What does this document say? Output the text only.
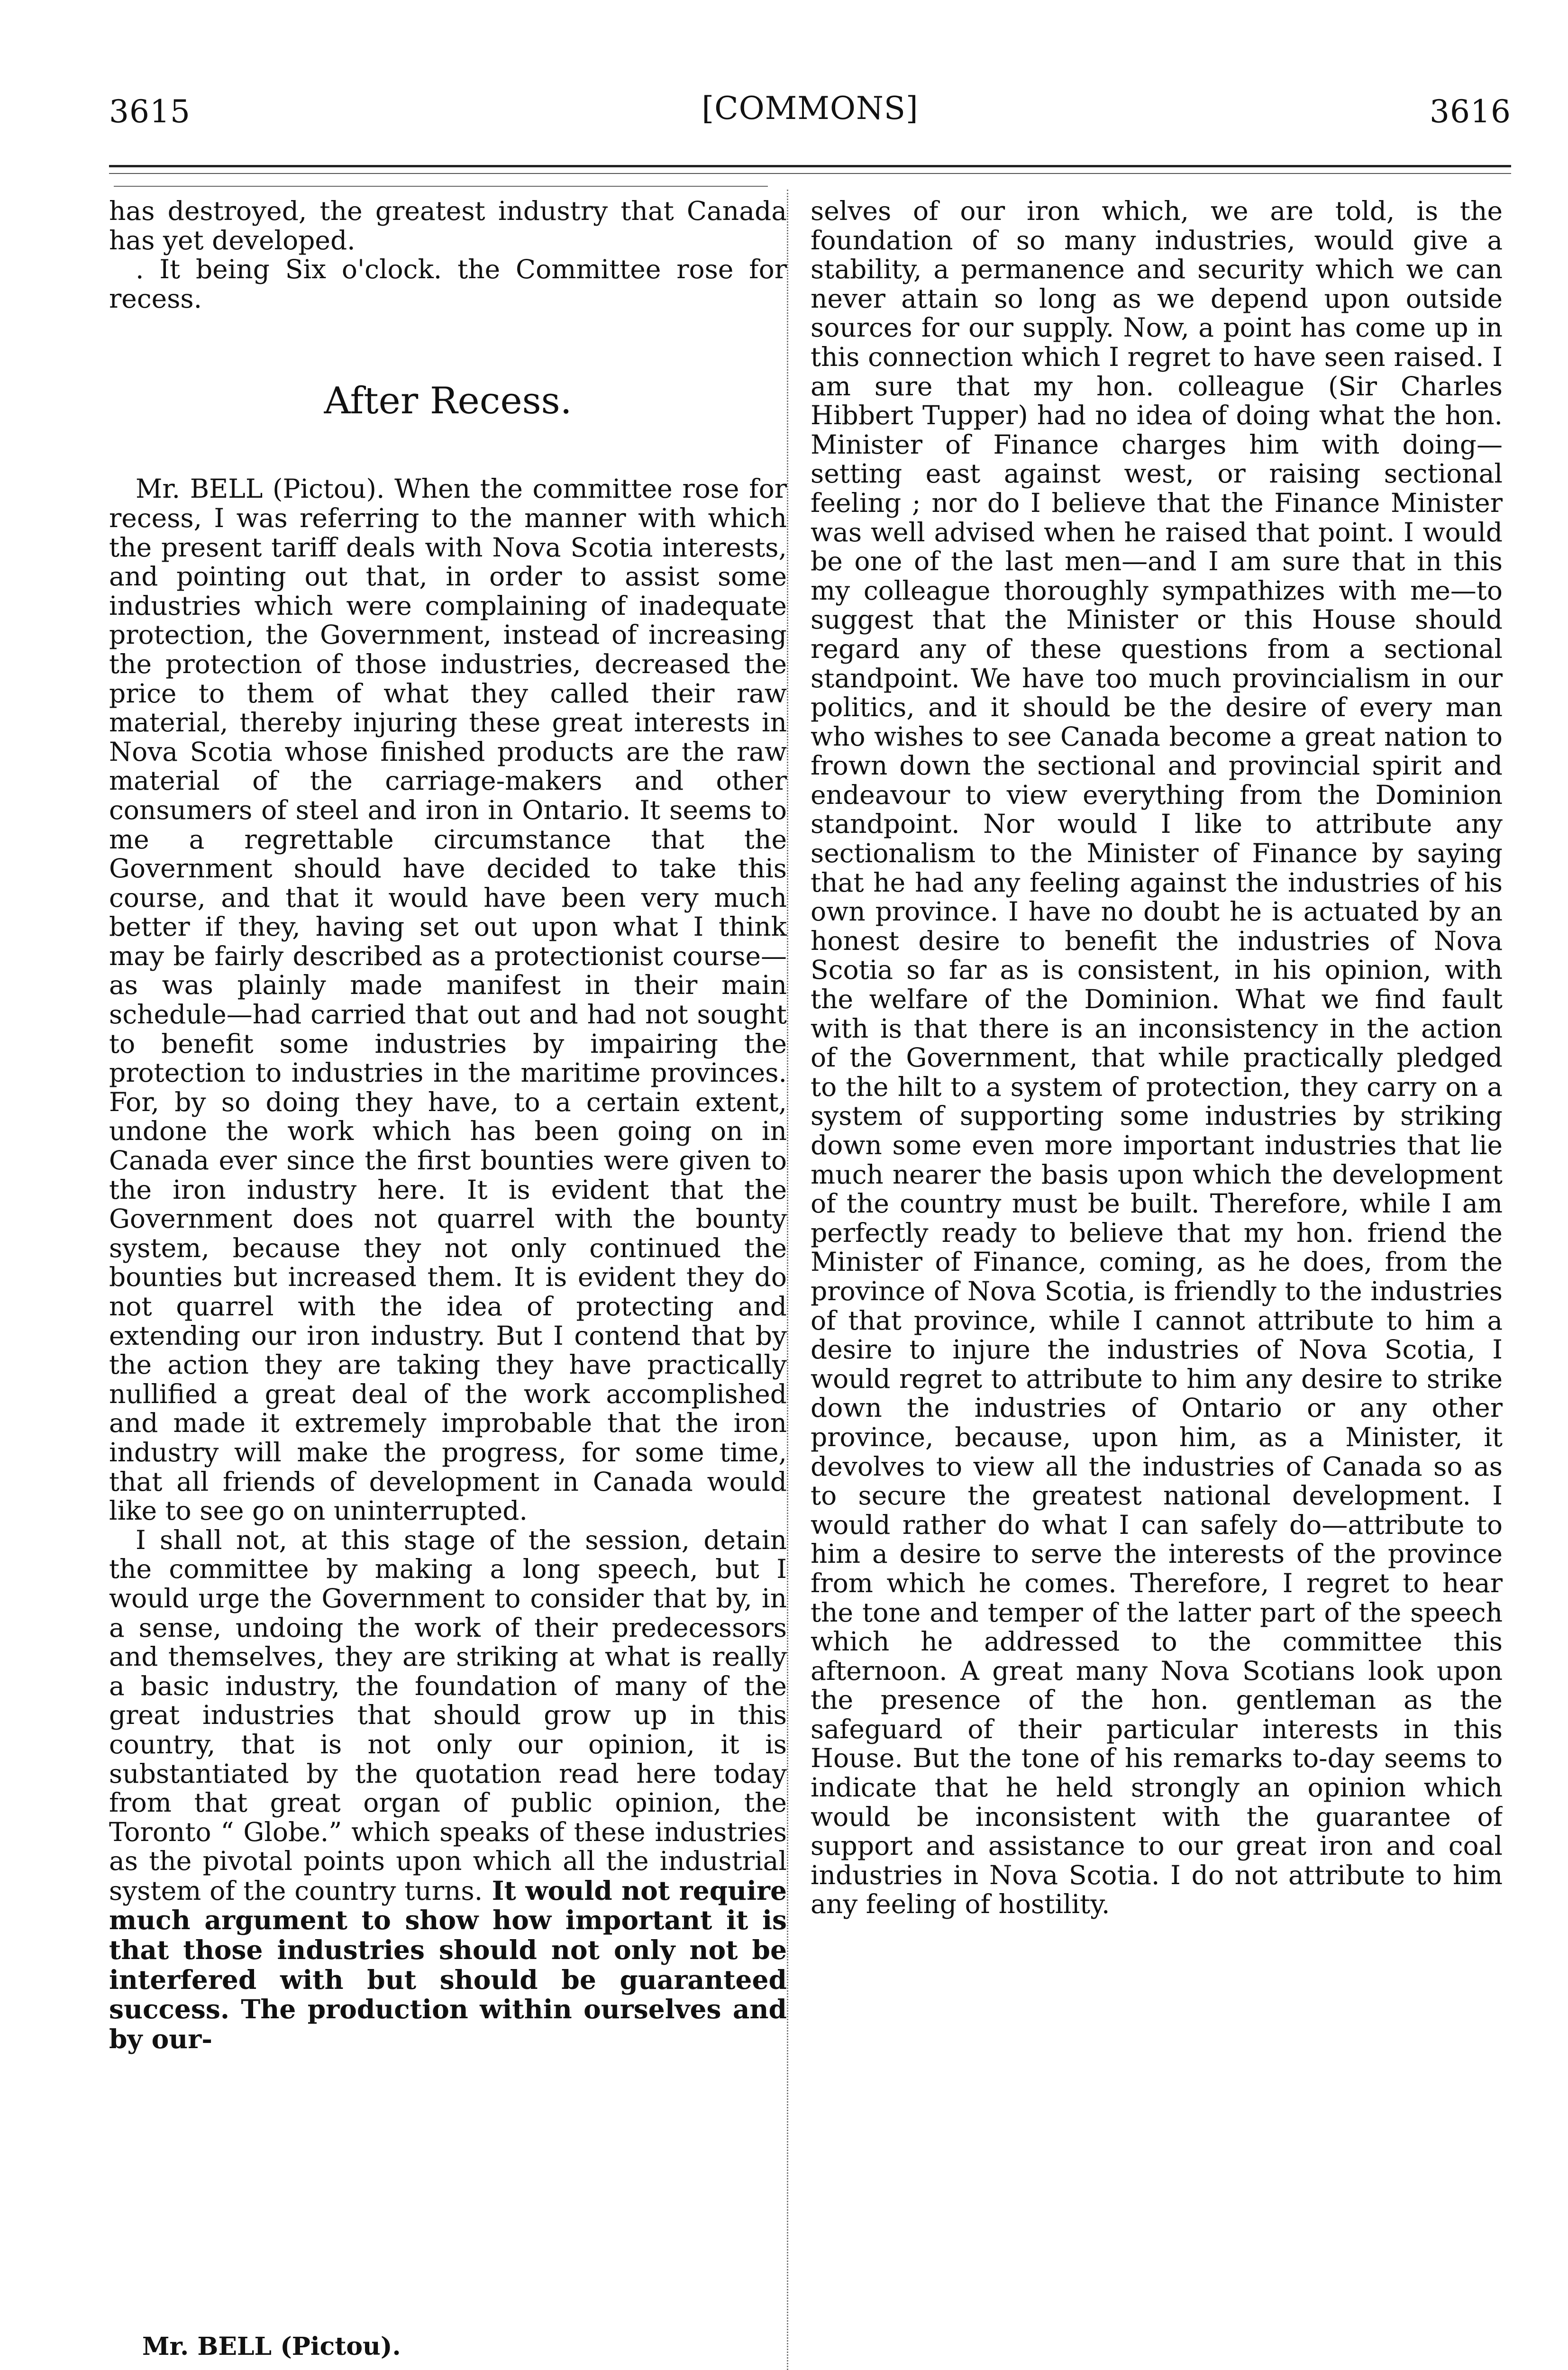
3615	[COMMONS]	3616

has destroyed, the greatest industry that Canada has yet developed.

. It being Six o'clock. the Committee rose for recess.

After Recess.

Mr. BELL (Pictou). When the committee rose for recess, I was referring to the manner with which the present tariff deals with Nova Scotia interests, and pointing out that, in order to assist some industries which were complaining of inadequate protection, the Government, instead of increasing the protection of those industries, decreased the price to them of what they called their raw material, thereby injuring these great interests in Nova Scotia whose finished products are the raw material of the carriage-makers and other consumers of steel and iron in Ontario. It seems to me a regrettable circumstance that the Government should have decided to take this course, and that it would have been very much better if they, having set out upon what I think may be fairly described as a protectionist course—as was plainly made manifest in their main schedule—had carried that out and had not sought to benefit some industries by impairing the protection to industries in the maritime provinces. For, by so doing they have, to a certain extent, undone the work which has been going on in Canada ever since the first bounties were given to the iron industry here. It is evident that the Government does not quarrel with the bounty system, because they not only continued the bounties but increased them. It is evident they do not quarrel with the idea of protecting and extending our iron industry. But I contend that by the action they are taking they have practically nullified a great deal of the work accomplished and made it extremely improbable that the iron industry will make the progress, for some time, that all friends of development in Canada would like to see go on uninterrupted.

I shall not, at this stage of the session, detain the committee by making a long speech, but I would urge the Government to consider that by, in a sense, undoing the work of their predecessors and themselves, they are striking at what is really a basic industry, the foundation of many of the great industries that should grow up in this country, that is not only our opinion, it is substantiated by the quotation read here today from that great organ of public opinion, the Toronto “ Globe.” which speaks of these industries as the pivotal points upon which all the industrial system of the country turns. It would not require much argument to show how important it is that those industries should not only not be interfered with but should be guaranteed success. The production within ourselves and by our-

selves of our iron which, we are told, is the foundation of so many industries, would give a stability, a permanence and security which we can never attain so long as we depend upon outside sources for our supply. Now, a point has come up in this connection which I regret to have seen raised. I am sure that my hon. colleague (Sir Charles Hibbert Tupper) had no idea of doing what the hon. Minister of Finance charges him with doing—setting east against west, or raising sectional feeling ; nor do I believe that the Finance Minister was well advised when he raised that point. I would be one of the last men—and I am sure that in this my colleague thoroughly sympathizes with me—to suggest that the Minister or this House should regard any of these questions from a sectional standpoint. We have too much provincialism in our politics, and it should be the desire of every man who wishes to see Canada become a great nation to frown down the sectional and provincial spirit and endeavour to view everything from the Dominion standpoint. Nor would I like to attribute any sectionalism to the Minister of Finance by saying that he had any feeling against the industries of his own province. I have no doubt he is actuated by an honest desire to benefit the industries of Nova Scotia so far as is consistent, in his opinion, with the welfare of the Dominion. What we find fault with is that there is an inconsistency in the action of the Government, that while practically pledged to the hilt to a system of protection, they carry on a system of supporting some industries by striking down some even more important industries that lie much nearer the basis upon which the development of the country must be built. Therefore, while I am perfectly ready to believe that my hon. friend the Minister of Finance, coming, as he does, from the province of Nova Scotia, is friendly to the industries of that province, while I cannot attribute to him a desire to injure the industries of Nova Scotia, I would regret to attribute to him any desire to strike down the industries of Ontario or any other province, because, upon him, as a Minister, it devolves to view all the industries of Canada so as to secure the greatest national development. I would rather do what I can safely do—attribute to him a desire to serve the interests of the province from which he comes. Therefore, I regret to hear the tone and temper of the latter part of the speech which he addressed to the committee this afternoon. A great many Nova Scotians look upon the presence of the hon. gentleman as the safeguard of their particular interests in this House. But the tone of his remarks to-day seems to indicate that he held strongly an opinion which would be inconsistent with the guarantee of support and assistance to our great iron and coal industries in Nova Scotia. I do not attribute to him any feeling of hostility.

Mr. BELL (Pictou).
